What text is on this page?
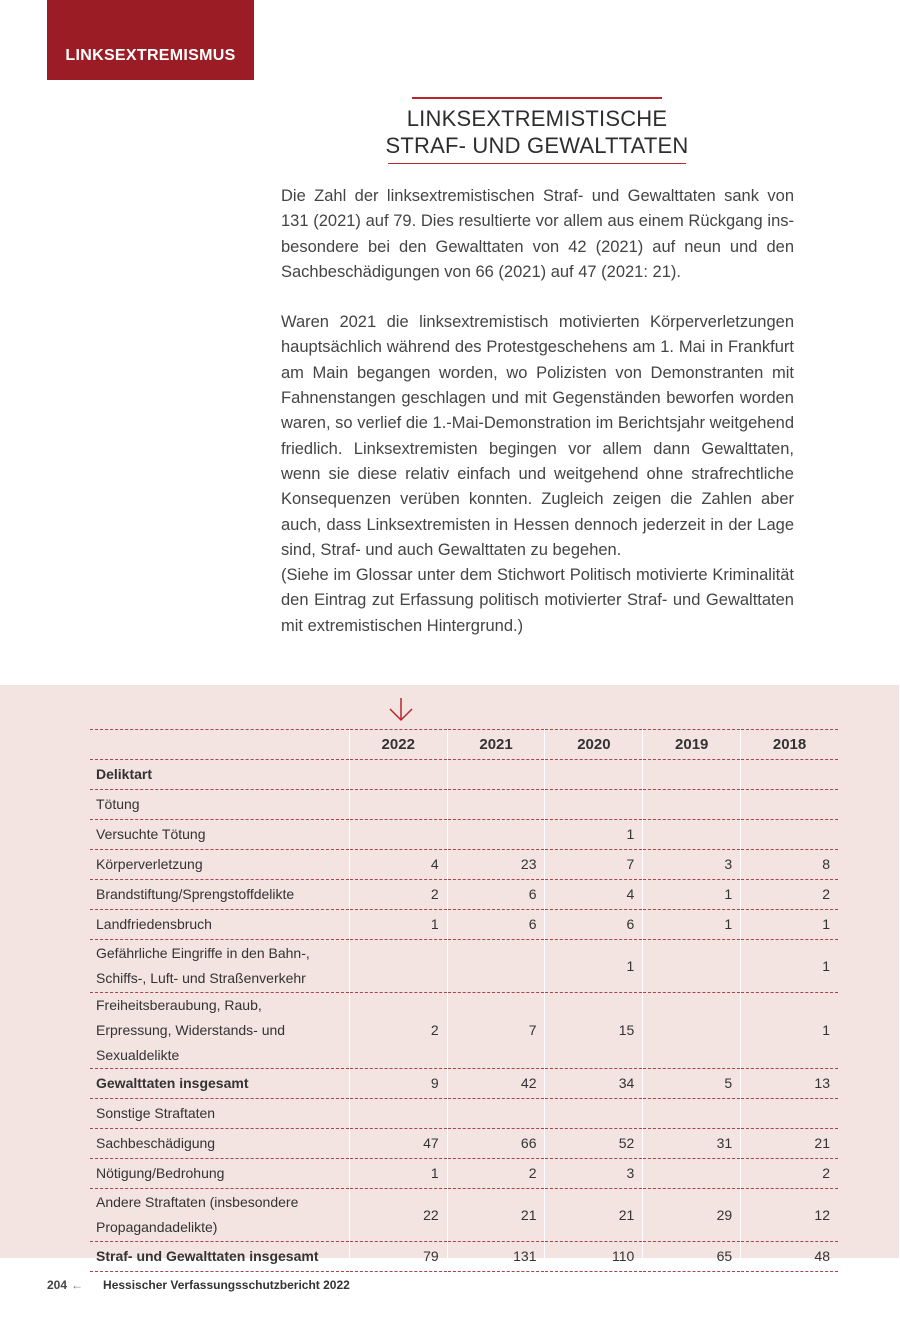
LINKSEXTREMISMUS
LINKSEXTREMISTISCHE
STRAF- UND GEWALTTATEN

Die Zahl der linksextremistischen Straf- und Gewalttaten sank von 131 (2021) auf 79. Dies resultierte vor allem aus einem Rückgang insbesondere bei den Gewalttaten von 42 (2021) auf neun und den Sachbeschädigungen von 66 (2021) auf 47 (2021: 21).

Waren 2021 die linksextremistisch motivierten Körperverletzungen hauptsächlich während des Protestgeschehens am 1. Mai in Frankfurt am Main begangen worden, wo Polizisten von Demonstranten mit Fahnenstangen geschlagen und mit Gegenständen beworfen worden waren, so verlief die 1.-Mai-Demonstration im Berichtsjahr weitgehend friedlich. Linksextremisten begingen vor allem dann Gewalttaten, wenn sie diese relativ einfach und weitgehend ohne strafrechtliche Konsequenzen verüben konnten. Zugleich zeigen die Zahlen aber auch, dass Linksextremisten in Hessen dennoch jederzeit in der Lage sind, Straf- und auch Gewalttaten zu begehen.

(Siehe im Glossar unter dem Stichwort Politisch motivierte Kriminalität den Eintrag zut Erfassung politisch motivierter Straf- und Gewalttaten mit extremistischen Hintergrund.)

	2022	2021	2020	2019	2018
Deliktart					
Tötung					
Versuchte Tötung			1		
Körperverletzung	4	23	7	3	8
Brandstiftung/Sprengstoffdelikte	2	6	4	1	2
Landfriedensbruch	1	6	6	1	1
Gefährliche Eingriffe in den Bahn-, Schiffs-, Luft- und Straßenverkehr			1		1
Freiheitsberaubung, Raub, Erpressung, Widerstands- und Sexualdelikte	2	7	15		1
Gewalttaten insgesamt	9	42	34	5	13
Sonstige Straftaten					
Sachbeschädigung	47	66	52	31	21
Nötigung/Bedrohung	1	2	3		2
Andere Straftaten (insbesondere Propagandadelikte)	22	21	21	29	12
Straf- und Gewalttaten insgesamt	79	131	110	65	48
204 ← Hessischer Verfassungsschutzbericht 2022
